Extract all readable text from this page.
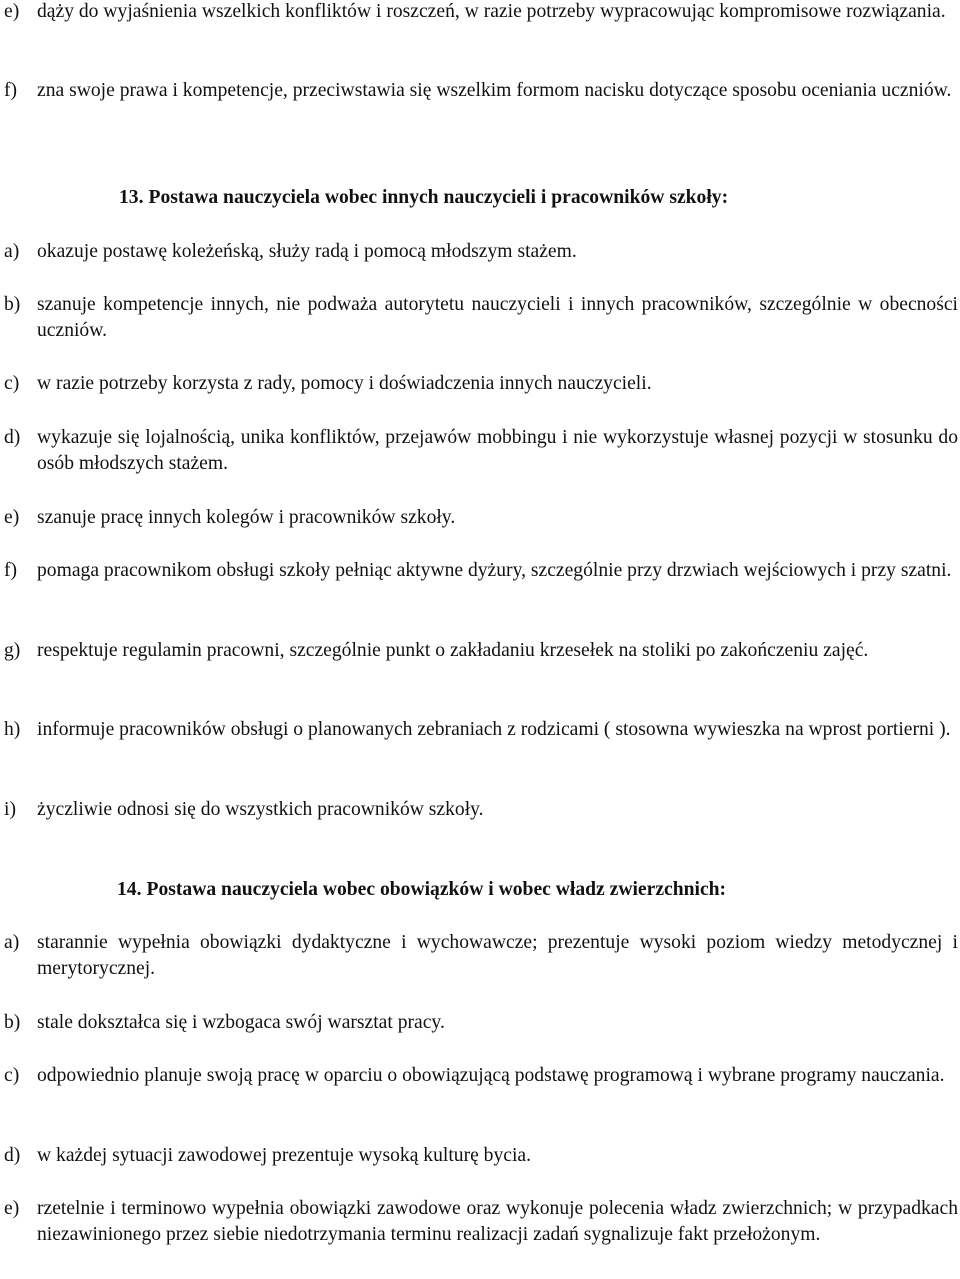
e) dąży do wyjaśnienia wszelkich konfliktów i roszczeń, w razie potrzeby wypracowując kompromisowe rozwiązania.
f) zna swoje prawa i kompetencje, przeciwstawia się wszelkim formom nacisku dotyczące sposobu oceniania uczniów.
13. Postawa nauczyciela wobec innych nauczycieli i pracowników szkoły:
a) okazuje postawę koleżeńską, służy radą i pomocą młodszym stażem.
b) szanuje kompetencje innych, nie podważa autorytetu nauczycieli i innych pracowników, szczególnie w obecności uczniów.
c) w razie potrzeby korzysta z rady, pomocy i doświadczenia innych nauczycieli.
d) wykazuje się lojalnością, unika konfliktów, przejawów mobbingu i nie wykorzystuje własnej pozycji w stosunku do osób młodszych stażem.
e) szanuje pracę innych kolegów i pracowników szkoły.
f) pomaga pracownikom obsługi szkoły pełniąc aktywne dyżury, szczególnie przy drzwiach wejściowych i przy szatni.
g) respektuje regulamin pracowni, szczególnie punkt o zakładaniu krzesełek na stoliki po zakończeniu zajęć.
h) informuje pracowników obsługi o planowanych zebraniach z rodzicami ( stosowna wywieszka na wprost portierni ).
i) życzliwie odnosi się do wszystkich pracowników szkoły.
14. Postawa nauczyciela wobec obowiązków i wobec władz zwierzchnich:
a) starannie wypełnia obowiązki dydaktyczne i wychowawcze; prezentuje wysoki poziom wiedzy metodycznej i merytorycznej.
b) stale dokształca się i wzbogaca swój warsztat pracy.
c) odpowiednio planuje swoją pracę w oparciu o obowiązującą podstawę programową i wybrane programy nauczania.
d) w każdej sytuacji zawodowej prezentuje wysoką kulturę bycia.
e) rzetelnie i terminowo wypełnia obowiązki zawodowe oraz wykonuje polecenia władz zwierzchnich; w przypadkach niezawinionego przez siebie niedotrzymania terminu realizacji zadań sygnalizuje fakt przełożonym.
